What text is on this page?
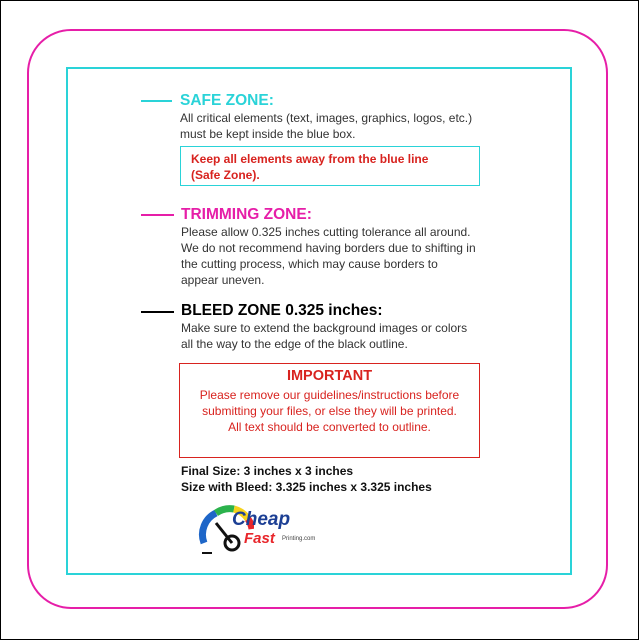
SAFE ZONE:
All critical elements (text, images, graphics, logos, etc.)
must be kept inside the blue box.
Keep all elements away from the blue line
(Safe Zone).
TRIMMING ZONE:
Please allow 0.325 inches cutting tolerance all around.
We do not recommend having borders due to shifting in
the cutting process, which may cause borders to
appear uneven.
BLEED ZONE 0.325 inches:
Make sure to extend the background images or colors
all the way to the edge of the black outline.
IMPORTANT
Please remove our guidelines/instructions before
submitting your files, or else they will be printed.
All text should be converted to outline.
Final Size: 3 inches x 3 inches
Size with Bleed: 3.325 inches x 3.325 inches
Cheap
Fast Printing.com
